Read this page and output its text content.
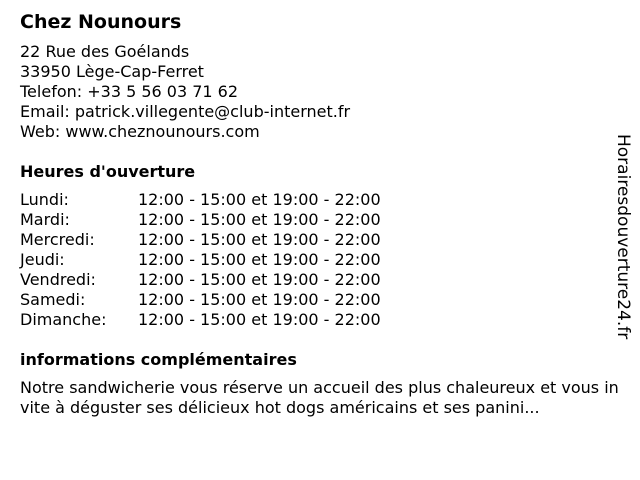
Chez Nounours
22 Rue des Goélands
33950 Lège-Cap-Ferret
Telefon: +33 5 56 03 71 62
Email: patrick.villegente@club-internet.fr
Web: www.cheznounours.com
Heures d'ouverture
Lundi:	12:00 - 15:00 et 19:00 - 22:00
Mardi:	12:00 - 15:00 et 19:00 - 22:00
Mercredi:	12:00 - 15:00 et 19:00 - 22:00
Jeudi:	12:00 - 15:00 et 19:00 - 22:00
Vendredi:	12:00 - 15:00 et 19:00 - 22:00
Samedi:	12:00 - 15:00 et 19:00 - 22:00
Dimanche:	12:00 - 15:00 et 19:00 - 22:00
informations complémentaires
Notre sandwicherie vous réserve un accueil des plus chaleureux et vous invite à déguster ses délicieux hot dogs américains et ses panini...
Horairesdouverture24.fr
